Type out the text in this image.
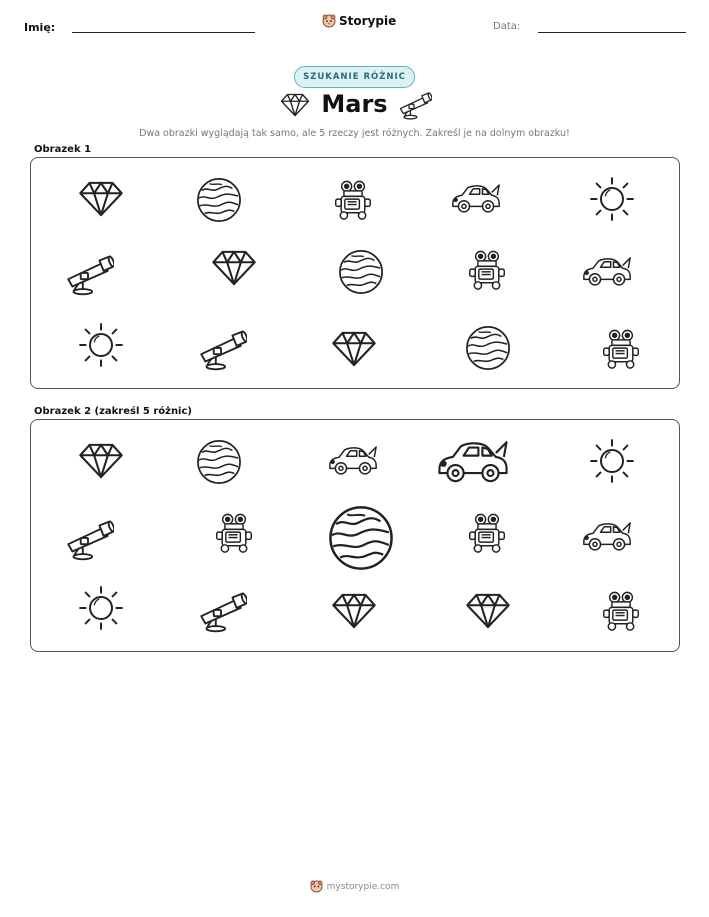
Imię:	Storypie	Data:
SZUKANIE RÓŻNIC
Mars
Dwa obrazki wyglądają tak samo, ale 5 rzeczy jest różnych. Zakreśl je na dolnym obrazku!
Obrazek 1
Obrazek 2 (zakreśl 5 różnic)
mystorypie.com
